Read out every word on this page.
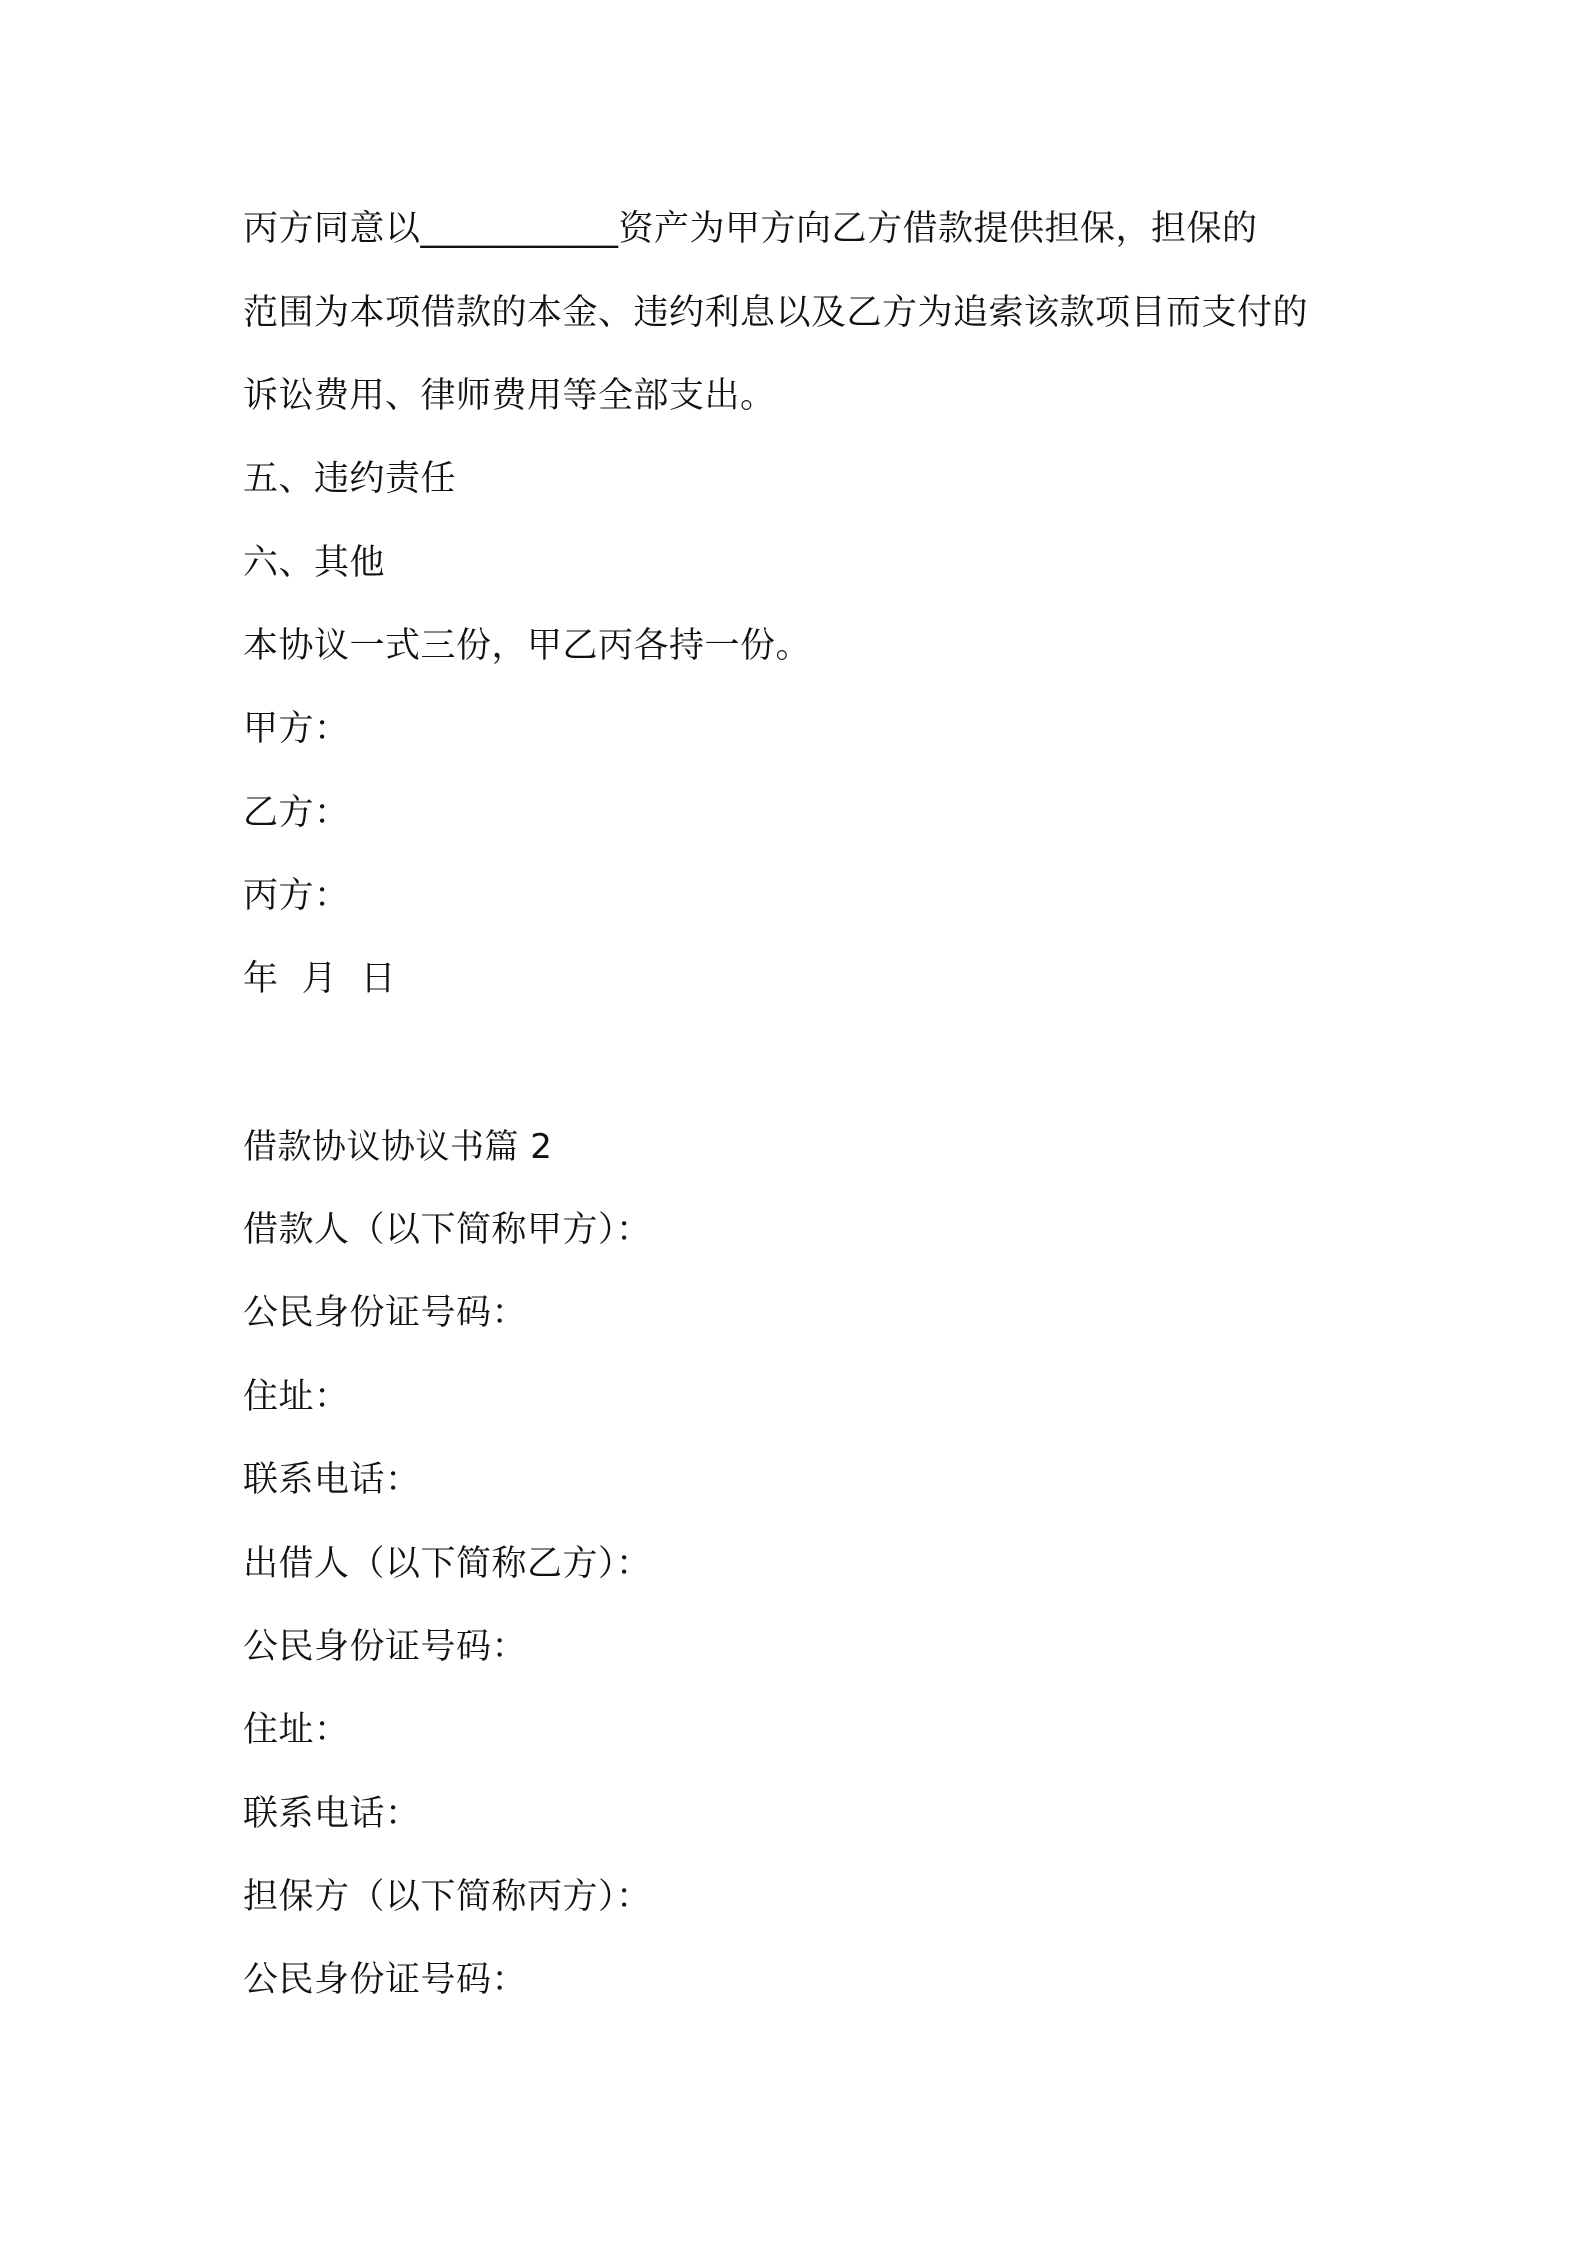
丙方同意以___________资产为甲方向乙方借款提供担保，担保的
范围为本项借款的本金、违约利息以及乙方为追索该款项目而支付的
诉讼费用、律师费用等全部支出。
五、违约责任
六、其他
本协议一式三份，甲乙丙各持一份。
甲方：
乙方：
丙方：
年  月  日
借款协议协议书篇 2
借款人（以下简称甲方）：
公民身份证号码：
住址：
联系电话：
出借人（以下简称乙方）：
公民身份证号码：
住址：
联系电话：
担保方（以下简称丙方）：
公民身份证号码：
